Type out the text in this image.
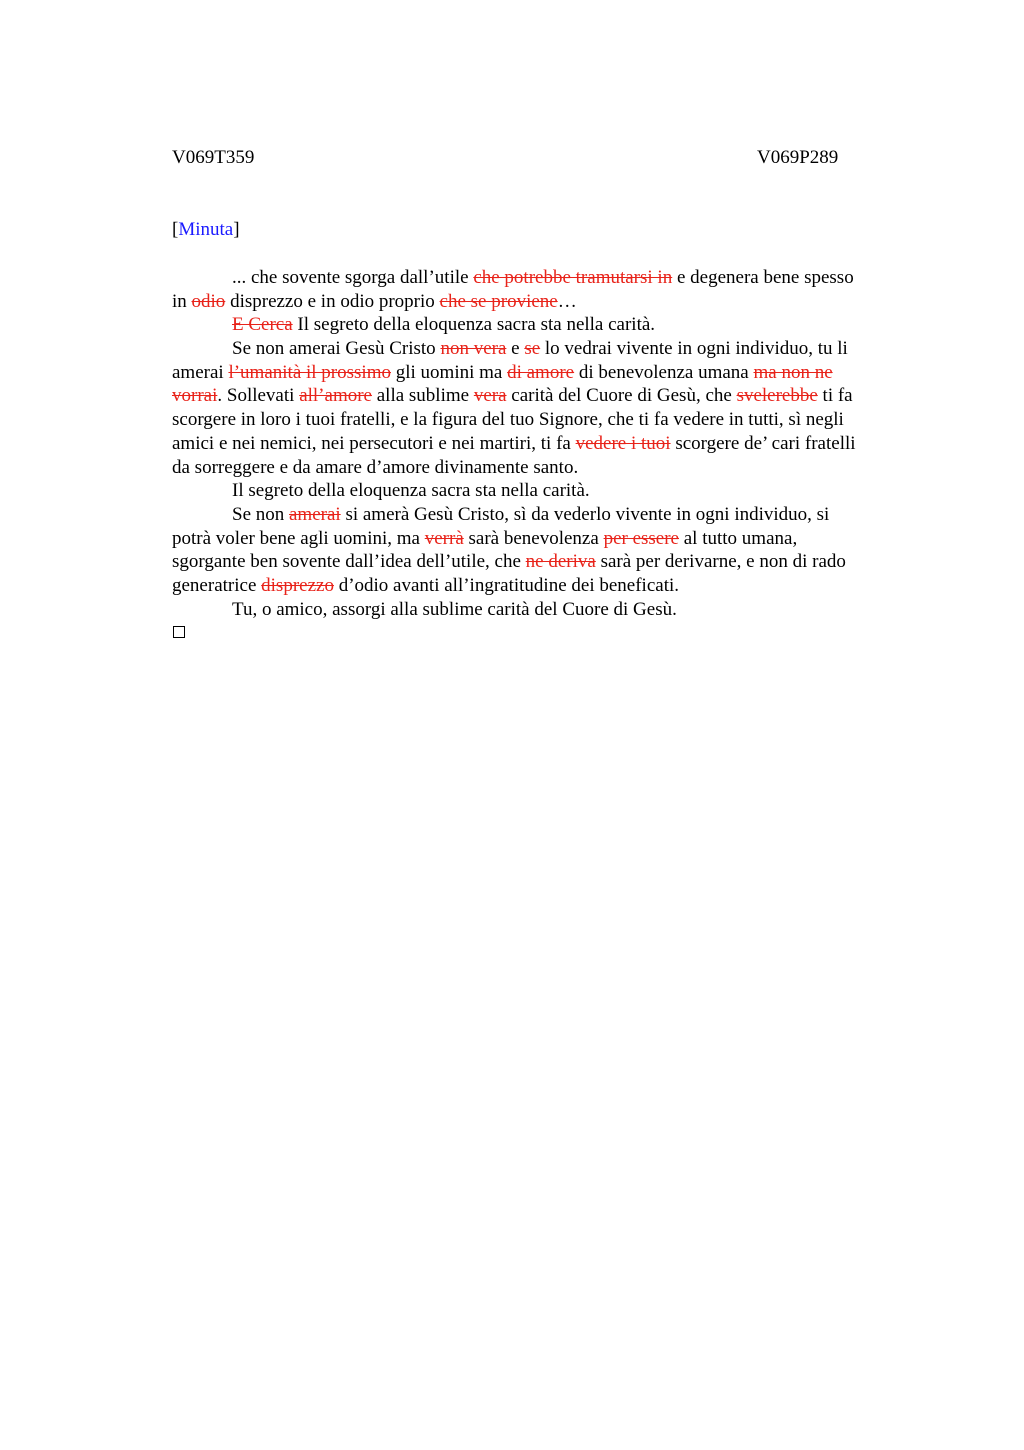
V069T359	V069P289
[Minuta]
... che sovente sgorga dall’utile che potrebbe tramutarsi in e degenera bene spesso
in odio disprezzo e in odio proprio che se proviene…
E Cerca Il segreto della eloquenza sacra sta nella carità.
Se non amerai Gesù Cristo non vera e se lo vedrai vivente in ogni individuo, tu li
amerai l’umanità il prossimo gli uomini ma di amore di benevolenza umana ma non ne
vorrai. Sollevati all’amore alla sublime vera carità del Cuore di Gesù, che svelerebbe ti fa
scorgere in loro i tuoi fratelli, e la figura del tuo Signore, che ti fa vedere in tutti, sì negli
amici e nei nemici, nei persecutori e nei martiri, ti fa vedere i tuoi scorgere de’ cari fratelli
da sorreggere e da amare d’amore divinamente santo.
Il segreto della eloquenza sacra sta nella carità.
Se non amerai si amerà Gesù Cristo, sì da vederlo vivente in ogni individuo, si
potrà voler bene agli uomini, ma verrà sarà benevolenza per essere al tutto umana,
sgorgante ben sovente dall’idea dell’utile, che ne deriva sarà per derivarne, e non di rado
generatrice disprezzo d’odio avanti all’ingratitudine dei beneficati.
Tu, o amico, assorgi alla sublime carità del Cuore di Gesù.
